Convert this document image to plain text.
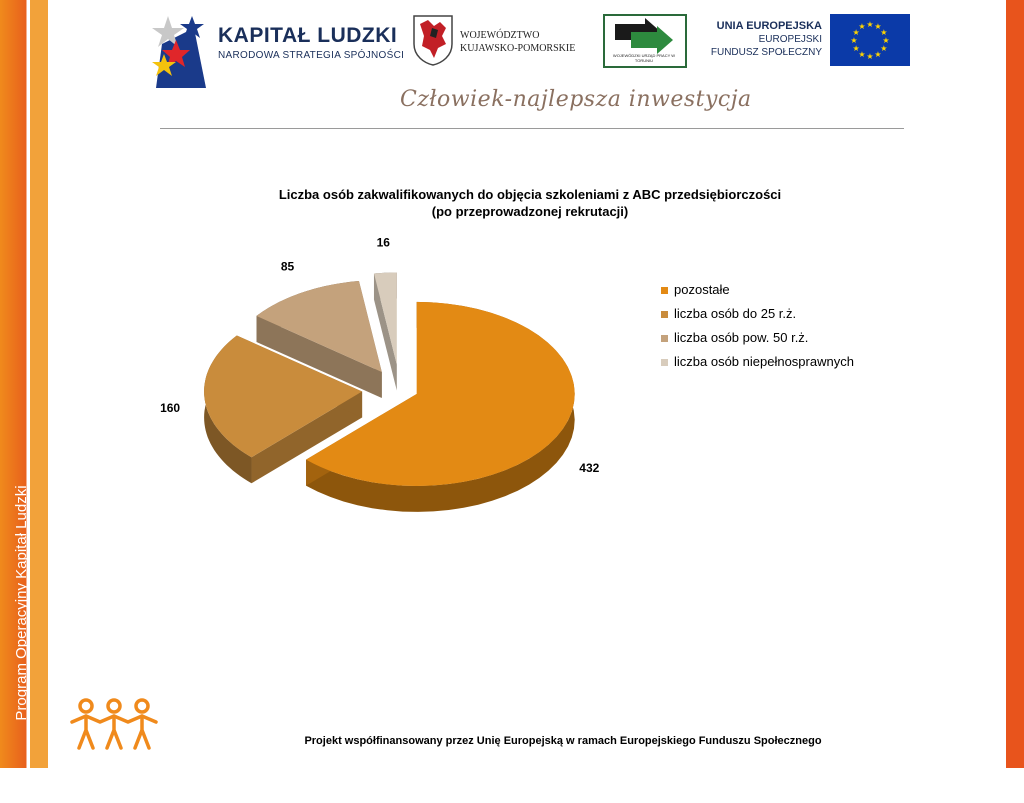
Program Operacyjny Kapitał Ludzki
KAPITAŁ LUDZKI
NARODOWA STRATEGIA SPÓJNOŚCI
WOJEWÓDZTWO
KUJAWSKO-POMORSKIE
WOJEWÓDZKI URZĄD PRACY W TORUNIU
UNIA EUROPEJSKA
EUROPEJSKI
FUNDUSZ SPOŁECZNY
★
★
★
★
★
★
★
★
★ ★ ★
★
Człowiek-najlepsza inwestycja
Liczba osób zakwalifikowanych do objęcia szkoleniami z ABC przedsiębiorczości
(po przeprowadzonej rekrutacji)
432
160
85
16
pozostałe
liczba osób do 25 r.ż.
liczba osób pow. 50 r.ż.
liczba osób niepełnosprawnych
Projekt współfinansowany przez Unię Europejską w ramach Europejskiego Funduszu Społecznego
